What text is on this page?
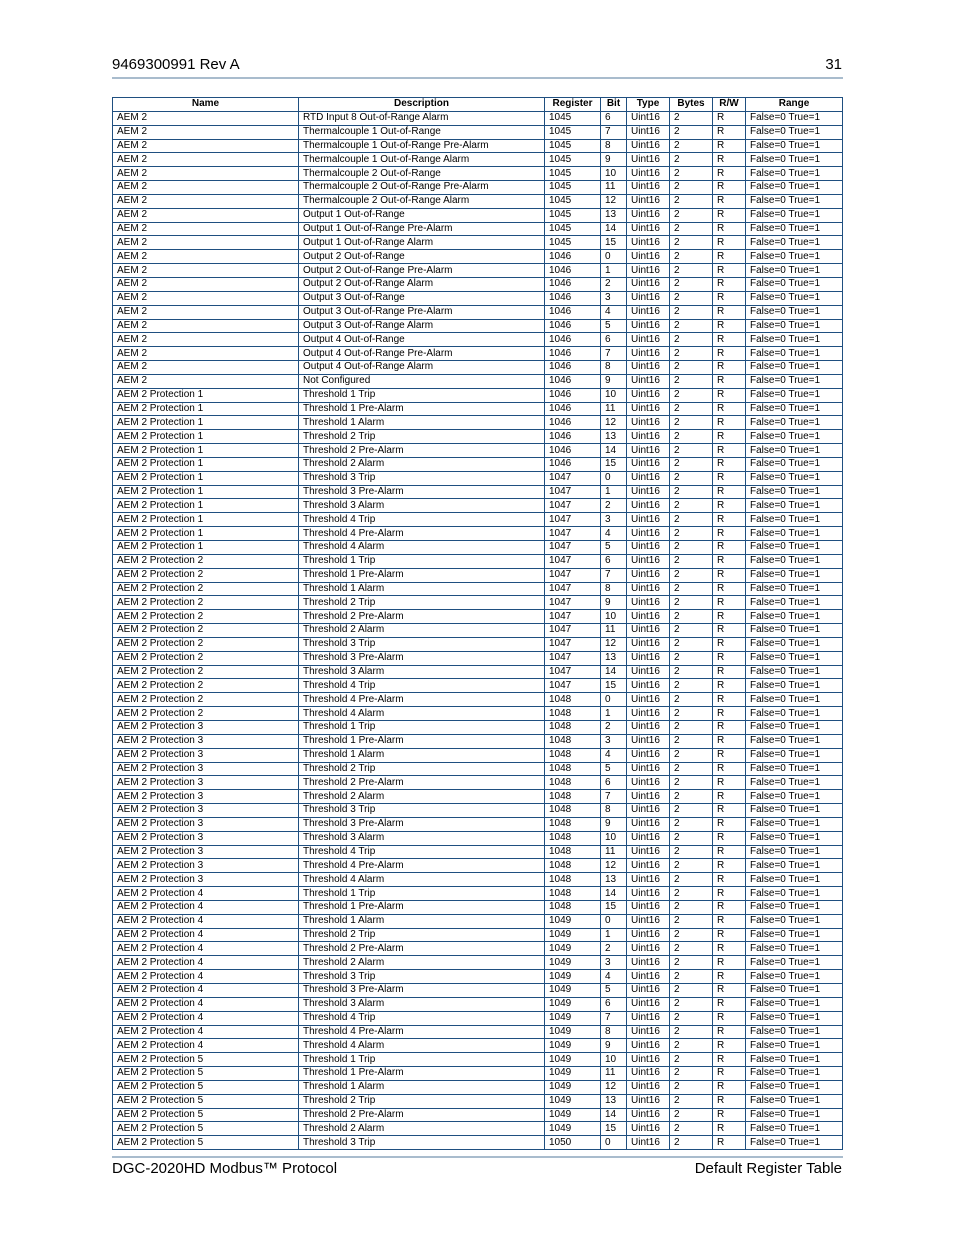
9469300991 Rev A	31
Name	Description	Register	Bit	Type	Bytes	R/W	Range
AEM 2	RTD Input 8 Out-of-Range Alarm	1045	6	Uint16	2	R	False=0 True=1
AEM 2	Thermalcouple 1 Out-of-Range	1045	7	Uint16	2	R	False=0 True=1
AEM 2	Thermalcouple 1 Out-of-Range Pre-Alarm	1045	8	Uint16	2	R	False=0 True=1
AEM 2	Thermalcouple 1 Out-of-Range Alarm	1045	9	Uint16	2	R	False=0 True=1
AEM 2	Thermalcouple 2 Out-of-Range	1045	10	Uint16	2	R	False=0 True=1
AEM 2	Thermalcouple 2 Out-of-Range Pre-Alarm	1045	11	Uint16	2	R	False=0 True=1
AEM 2	Thermalcouple 2 Out-of-Range Alarm	1045	12	Uint16	2	R	False=0 True=1
AEM 2	Output 1 Out-of-Range	1045	13	Uint16	2	R	False=0 True=1
AEM 2	Output 1 Out-of-Range Pre-Alarm	1045	14	Uint16	2	R	False=0 True=1
AEM 2	Output 1 Out-of-Range Alarm	1045	15	Uint16	2	R	False=0 True=1
AEM 2	Output 2 Out-of-Range	1046	0	Uint16	2	R	False=0 True=1
AEM 2	Output 2 Out-of-Range Pre-Alarm	1046	1	Uint16	2	R	False=0 True=1
AEM 2	Output 2 Out-of-Range Alarm	1046	2	Uint16	2	R	False=0 True=1
AEM 2	Output 3 Out-of-Range	1046	3	Uint16	2	R	False=0 True=1
AEM 2	Output 3 Out-of-Range Pre-Alarm	1046	4	Uint16	2	R	False=0 True=1
AEM 2	Output 3 Out-of-Range Alarm	1046	5	Uint16	2	R	False=0 True=1
AEM 2	Output 4 Out-of-Range	1046	6	Uint16	2	R	False=0 True=1
AEM 2	Output 4 Out-of-Range Pre-Alarm	1046	7	Uint16	2	R	False=0 True=1
AEM 2	Output 4 Out-of-Range Alarm	1046	8	Uint16	2	R	False=0 True=1
AEM 2	Not Configured	1046	9	Uint16	2	R	False=0 True=1
AEM 2 Protection 1	Threshold 1 Trip	1046	10	Uint16	2	R	False=0 True=1
AEM 2 Protection 1	Threshold 1 Pre-Alarm	1046	11	Uint16	2	R	False=0 True=1
AEM 2 Protection 1	Threshold 1 Alarm	1046	12	Uint16	2	R	False=0 True=1
AEM 2 Protection 1	Threshold 2 Trip	1046	13	Uint16	2	R	False=0 True=1
AEM 2 Protection 1	Threshold 2 Pre-Alarm	1046	14	Uint16	2	R	False=0 True=1
AEM 2 Protection 1	Threshold 2 Alarm	1046	15	Uint16	2	R	False=0 True=1
AEM 2 Protection 1	Threshold 3 Trip	1047	0	Uint16	2	R	False=0 True=1
AEM 2 Protection 1	Threshold 3 Pre-Alarm	1047	1	Uint16	2	R	False=0 True=1
AEM 2 Protection 1	Threshold 3 Alarm	1047	2	Uint16	2	R	False=0 True=1
AEM 2 Protection 1	Threshold 4 Trip	1047	3	Uint16	2	R	False=0 True=1
AEM 2 Protection 1	Threshold 4 Pre-Alarm	1047	4	Uint16	2	R	False=0 True=1
AEM 2 Protection 1	Threshold 4 Alarm	1047	5	Uint16	2	R	False=0 True=1
AEM 2 Protection 2	Threshold 1 Trip	1047	6	Uint16	2	R	False=0 True=1
AEM 2 Protection 2	Threshold 1 Pre-Alarm	1047	7	Uint16	2	R	False=0 True=1
AEM 2 Protection 2	Threshold 1 Alarm	1047	8	Uint16	2	R	False=0 True=1
AEM 2 Protection 2	Threshold 2 Trip	1047	9	Uint16	2	R	False=0 True=1
AEM 2 Protection 2	Threshold 2 Pre-Alarm	1047	10	Uint16	2	R	False=0 True=1
AEM 2 Protection 2	Threshold 2 Alarm	1047	11	Uint16	2	R	False=0 True=1
AEM 2 Protection 2	Threshold 3 Trip	1047	12	Uint16	2	R	False=0 True=1
AEM 2 Protection 2	Threshold 3 Pre-Alarm	1047	13	Uint16	2	R	False=0 True=1
AEM 2 Protection 2	Threshold 3 Alarm	1047	14	Uint16	2	R	False=0 True=1
AEM 2 Protection 2	Threshold 4 Trip	1047	15	Uint16	2	R	False=0 True=1
AEM 2 Protection 2	Threshold 4 Pre-Alarm	1048	0	Uint16	2	R	False=0 True=1
AEM 2 Protection 2	Threshold 4 Alarm	1048	1	Uint16	2	R	False=0 True=1
AEM 2 Protection 3	Threshold 1 Trip	1048	2	Uint16	2	R	False=0 True=1
AEM 2 Protection 3	Threshold 1 Pre-Alarm	1048	3	Uint16	2	R	False=0 True=1
AEM 2 Protection 3	Threshold 1 Alarm	1048	4	Uint16	2	R	False=0 True=1
AEM 2 Protection 3	Threshold 2 Trip	1048	5	Uint16	2	R	False=0 True=1
AEM 2 Protection 3	Threshold 2 Pre-Alarm	1048	6	Uint16	2	R	False=0 True=1
AEM 2 Protection 3	Threshold 2 Alarm	1048	7	Uint16	2	R	False=0 True=1
AEM 2 Protection 3	Threshold 3 Trip	1048	8	Uint16	2	R	False=0 True=1
AEM 2 Protection 3	Threshold 3 Pre-Alarm	1048	9	Uint16	2	R	False=0 True=1
AEM 2 Protection 3	Threshold 3 Alarm	1048	10	Uint16	2	R	False=0 True=1
AEM 2 Protection 3	Threshold 4 Trip	1048	11	Uint16	2	R	False=0 True=1
AEM 2 Protection 3	Threshold 4 Pre-Alarm	1048	12	Uint16	2	R	False=0 True=1
AEM 2 Protection 3	Threshold 4 Alarm	1048	13	Uint16	2	R	False=0 True=1
AEM 2 Protection 4	Threshold 1 Trip	1048	14	Uint16	2	R	False=0 True=1
AEM 2 Protection 4	Threshold 1 Pre-Alarm	1048	15	Uint16	2	R	False=0 True=1
AEM 2 Protection 4	Threshold 1 Alarm	1049	0	Uint16	2	R	False=0 True=1
AEM 2 Protection 4	Threshold 2 Trip	1049	1	Uint16	2	R	False=0 True=1
AEM 2 Protection 4	Threshold 2 Pre-Alarm	1049	2	Uint16	2	R	False=0 True=1
AEM 2 Protection 4	Threshold 2 Alarm	1049	3	Uint16	2	R	False=0 True=1
AEM 2 Protection 4	Threshold 3 Trip	1049	4	Uint16	2	R	False=0 True=1
AEM 2 Protection 4	Threshold 3 Pre-Alarm	1049	5	Uint16	2	R	False=0 True=1
AEM 2 Protection 4	Threshold 3 Alarm	1049	6	Uint16	2	R	False=0 True=1
AEM 2 Protection 4	Threshold 4 Trip	1049	7	Uint16	2	R	False=0 True=1
AEM 2 Protection 4	Threshold 4 Pre-Alarm	1049	8	Uint16	2	R	False=0 True=1
AEM 2 Protection 4	Threshold 4 Alarm	1049	9	Uint16	2	R	False=0 True=1
AEM 2 Protection 5	Threshold 1 Trip	1049	10	Uint16	2	R	False=0 True=1
AEM 2 Protection 5	Threshold 1 Pre-Alarm	1049	11	Uint16	2	R	False=0 True=1
AEM 2 Protection 5	Threshold 1 Alarm	1049	12	Uint16	2	R	False=0 True=1
AEM 2 Protection 5	Threshold 2 Trip	1049	13	Uint16	2	R	False=0 True=1
AEM 2 Protection 5	Threshold 2 Pre-Alarm	1049	14	Uint16	2	R	False=0 True=1
AEM 2 Protection 5	Threshold 2 Alarm	1049	15	Uint16	2	R	False=0 True=1
AEM 2 Protection 5	Threshold 3 Trip	1050	0	Uint16	2	R	False=0 True=1
DGC-2020HD Modbus™ Protocol	Default Register Table
